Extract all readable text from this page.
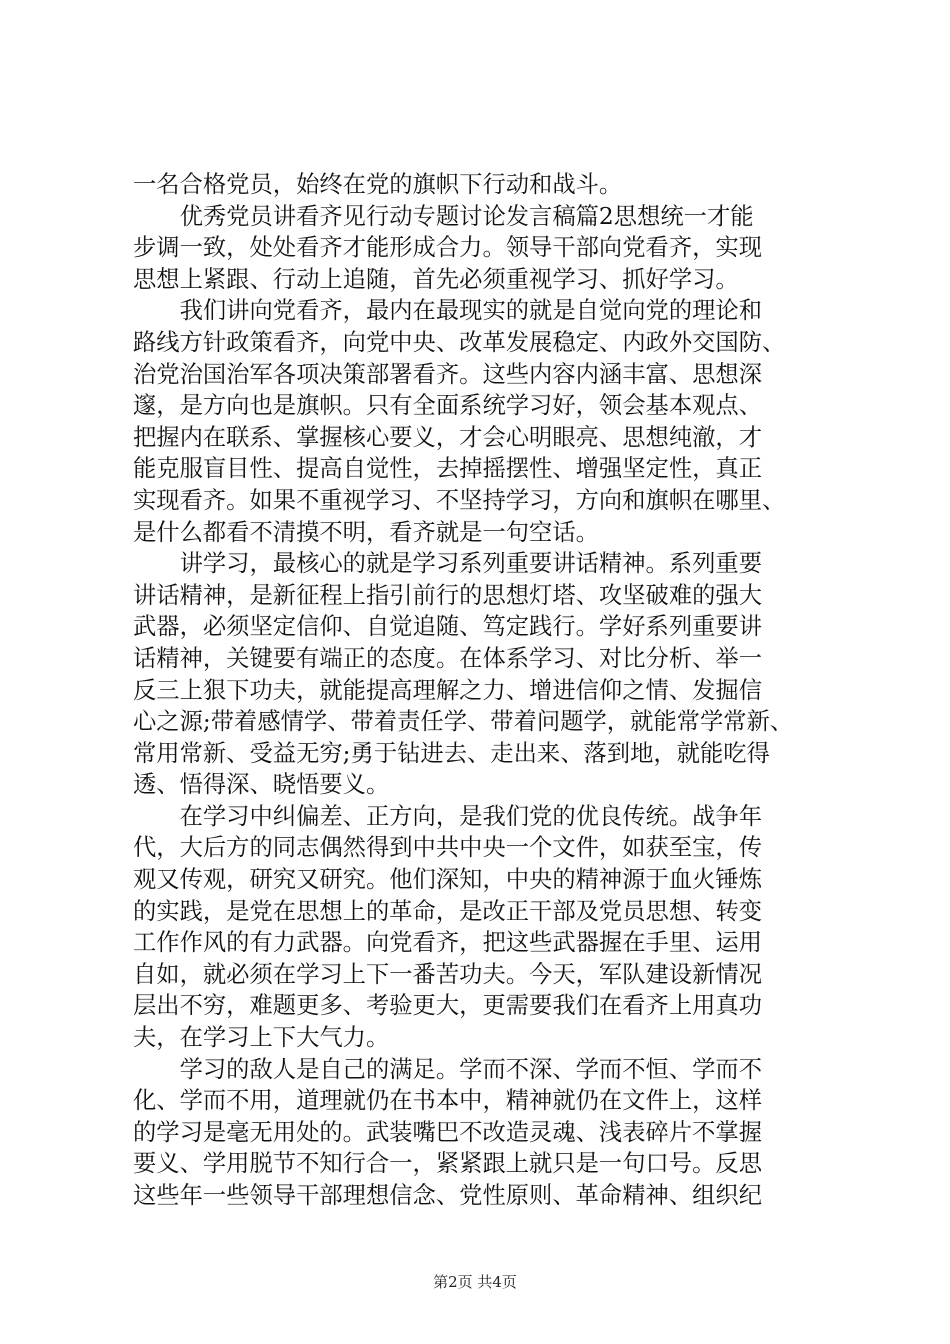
一名合格党员，始终在党的旗帜下行动和战斗。
　　优秀党员讲看齐见行动专题讨论发言稿篇2思想统一才能
步调一致，处处看齐才能形成合力。领导干部向党看齐，实现
思想上紧跟、行动上追随，首先必须重视学习、抓好学习。
　　我们讲向党看齐，最内在最现实的就是自觉向党的理论和
路线方针政策看齐，向党中央、改革发展稳定、内政外交国防、
治党治国治军各项决策部署看齐。这些内容内涵丰富、思想深
邃，是方向也是旗帜。只有全面系统学习好，领会基本观点、
把握内在联系、掌握核心要义，才会心明眼亮、思想纯澈，才
能克服盲目性、提高自觉性，去掉摇摆性、增强坚定性，真正
实现看齐。如果不重视学习、不坚持学习，方向和旗帜在哪里、
是什么都看不清摸不明，看齐就是一句空话。
　　讲学习，最核心的就是学习系列重要讲话精神。系列重要
讲话精神，是新征程上指引前行的思想灯塔、攻坚破难的强大
武器，必须坚定信仰、自觉追随、笃定践行。学好系列重要讲
话精神，关键要有端正的态度。在体系学习、对比分析、举一
反三上狠下功夫，就能提高理解之力、增进信仰之情、发掘信
心之源;带着感情学、带着责任学、带着问题学，就能常学常新、
常用常新、受益无穷;勇于钻进去、走出来、落到地，就能吃得
透、悟得深、晓悟要义。
　　在学习中纠偏差、正方向，是我们党的优良传统。战争年
代，大后方的同志偶然得到中共中央一个文件，如获至宝，传
观又传观，研究又研究。他们深知，中央的精神源于血火锤炼
的实践，是党在思想上的革命，是改正干部及党员思想、转变
工作作风的有力武器。向党看齐，把这些武器握在手里、运用
自如，就必须在学习上下一番苦功夫。今天，军队建设新情况
层出不穷，难题更多、考验更大，更需要我们在看齐上用真功
夫，在学习上下大气力。
　　学习的敌人是自己的满足。学而不深、学而不恒、学而不
化、学而不用，道理就仍在书本中，精神就仍在文件上，这样
的学习是毫无用处的。武装嘴巴不改造灵魂、浅表碎片不掌握
要义、学用脱节不知行合一，紧紧跟上就只是一句口号。反思
这些年一些领导干部理想信念、党性原则、革命精神、组织纪
第2页 共4页
